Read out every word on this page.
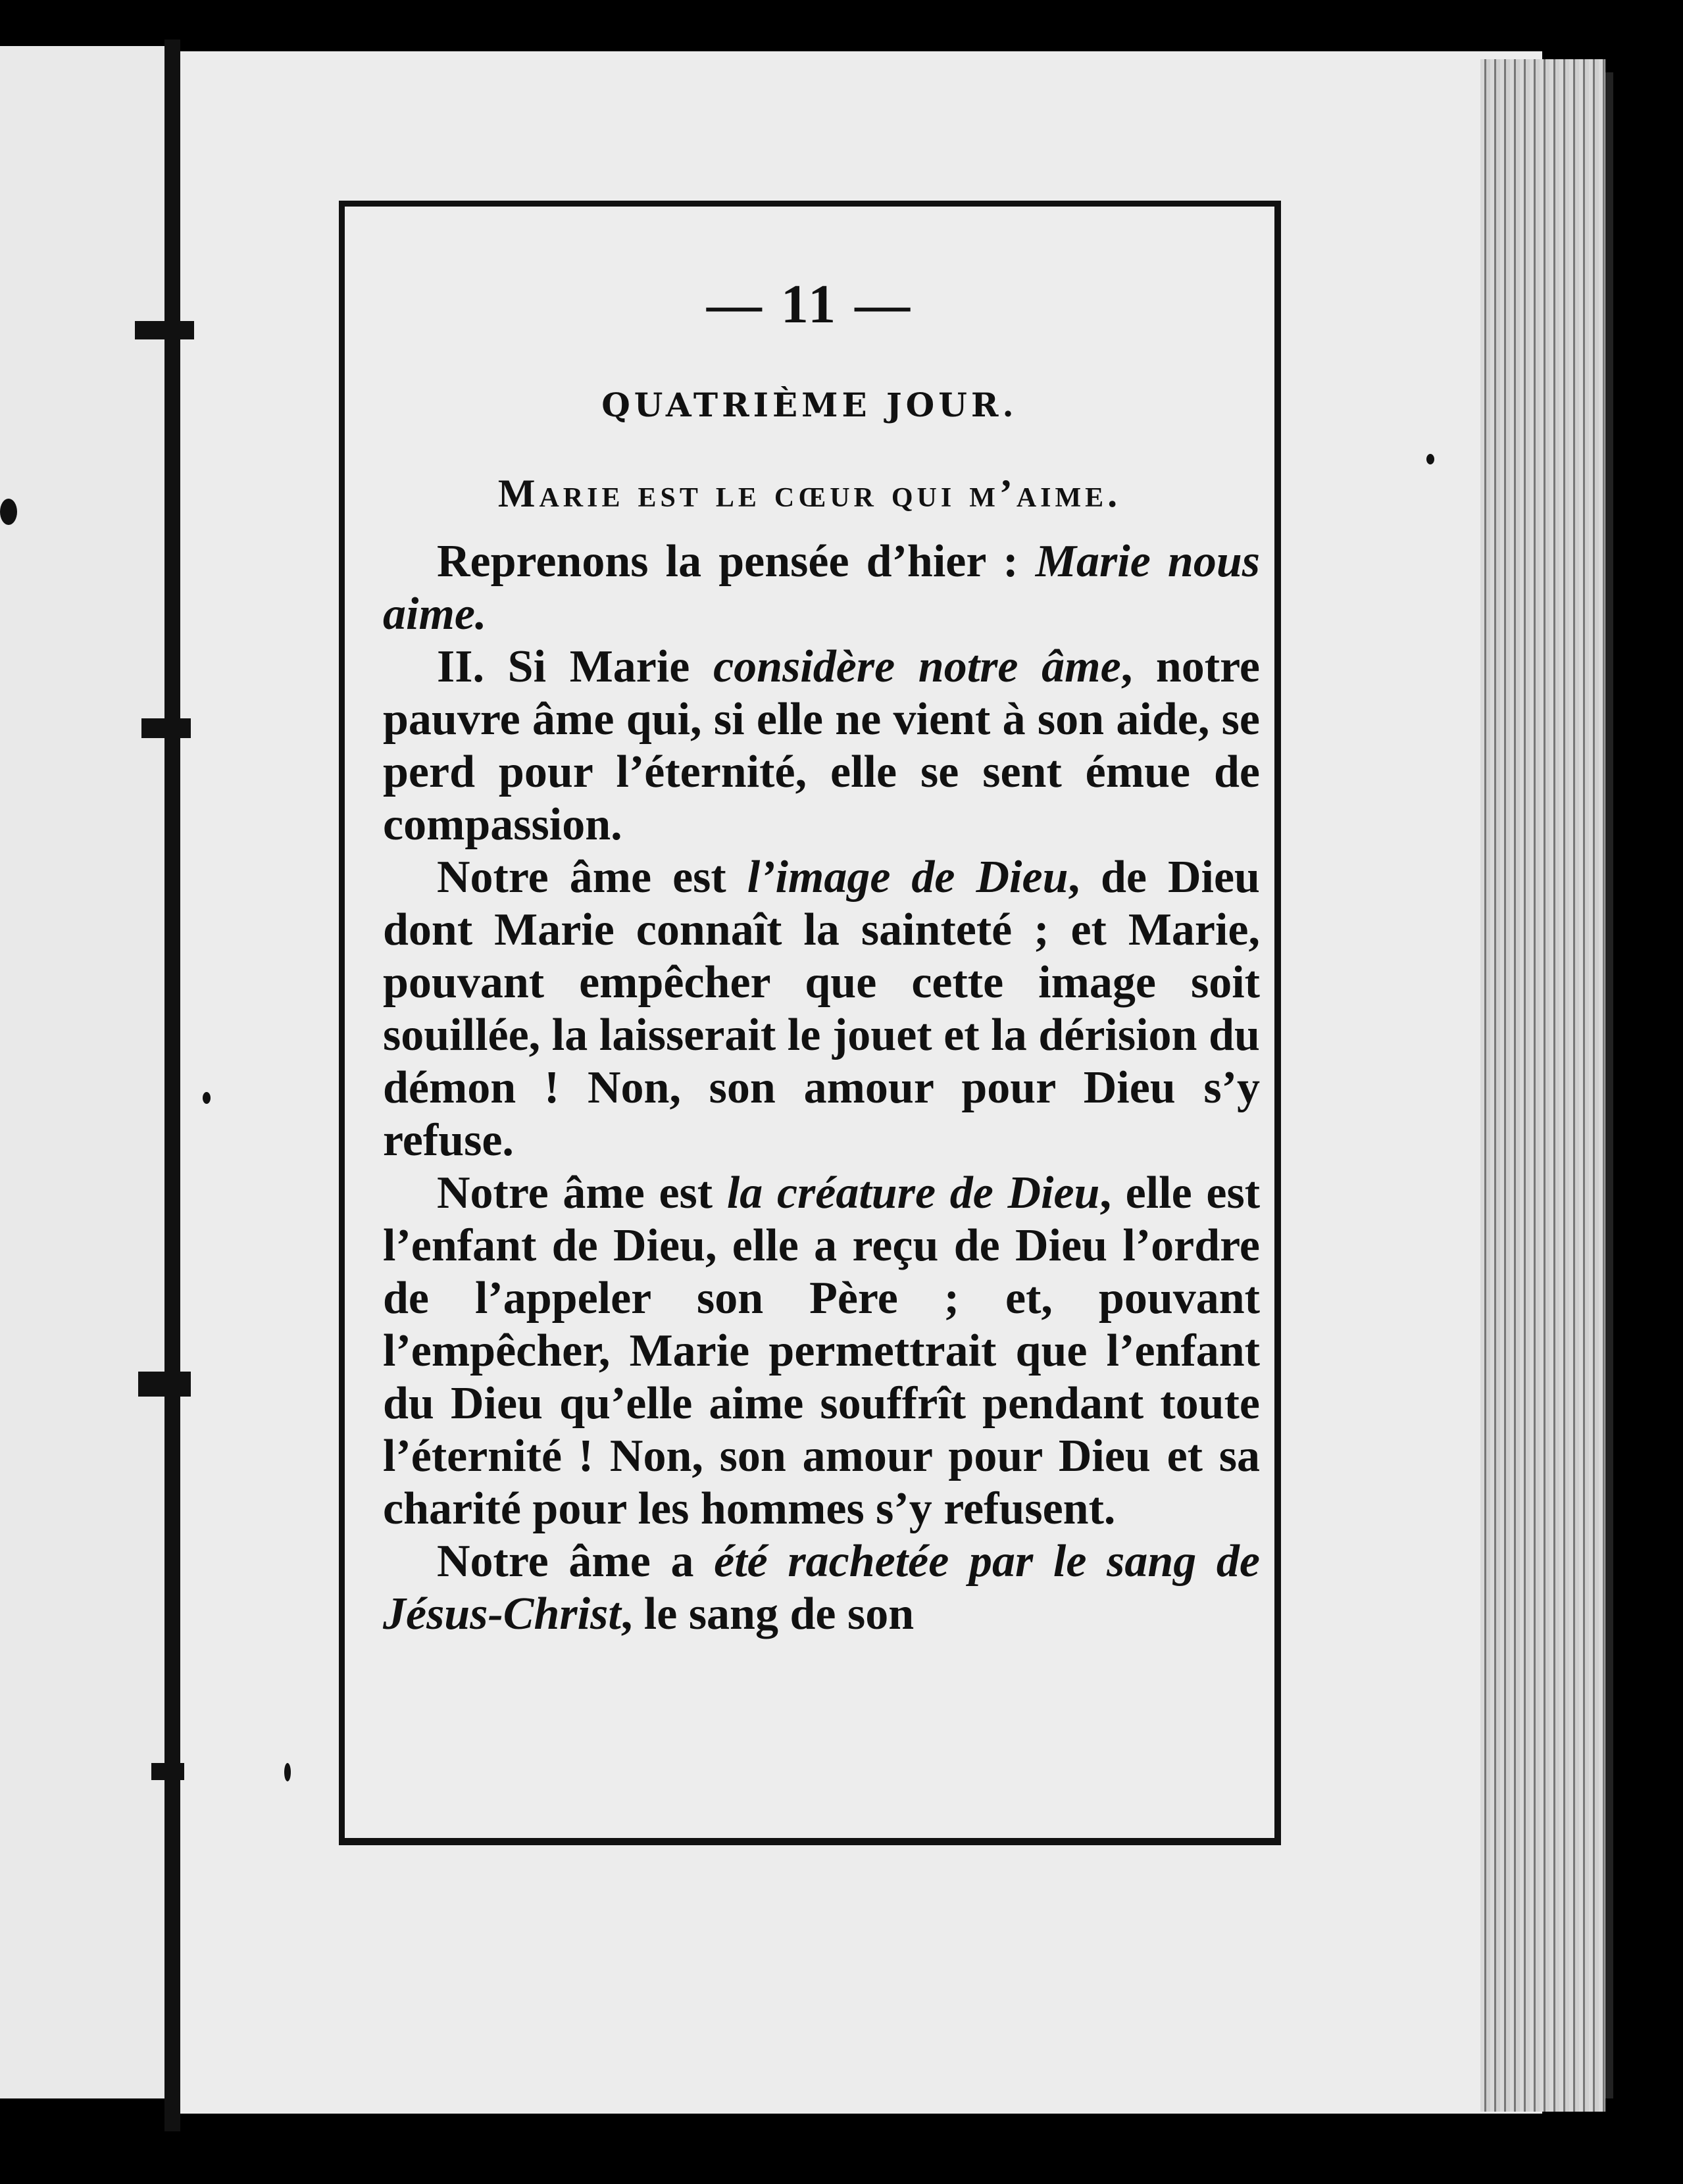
— 11 —
QUATRIÈME JOUR.
Marie est le cœur qui m’aime.

Reprenons la pensée d’hier : Marie nous aime.

II. Si Marie considère notre âme, notre pauvre âme qui, si elle ne vient à son aide, se perd pour l’éternité, elle se sent émue de compassion.

Notre âme est l’image de Dieu, de Dieu dont Marie connaît la sainteté ; et Marie, pouvant empêcher que cette image soit souillée, la laisserait le jouet et la dérision du démon ! Non, son amour pour Dieu s’y refuse.

Notre âme est la créature de Dieu, elle est l’enfant de Dieu, elle a reçu de Dieu l’ordre de l’appeler son Père ; et, pouvant l’empêcher, Marie permettrait que l’enfant du Dieu qu’elle aime souffrît pendant toute l’éternité ! Non, son amour pour Dieu et sa charité pour les hommes s’y refusent.

Notre âme a été rachetée par le sang de Jésus-Christ, le sang de son
